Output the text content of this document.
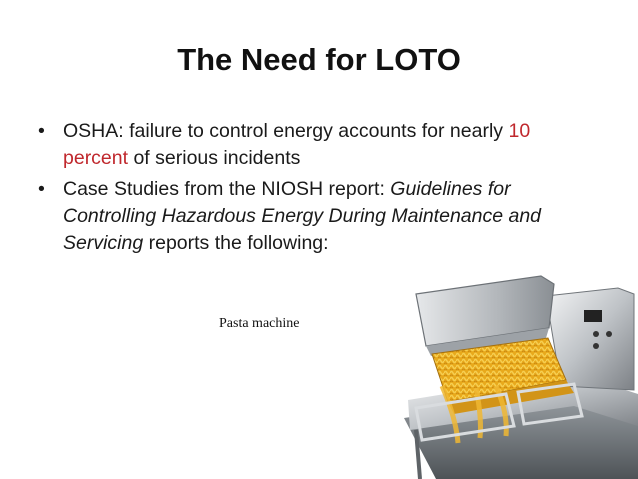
The Need for LOTO
• OSHA: failure to control energy accounts for nearly 10 percent of serious incidents
• Case Studies from the NIOSH report: Guidelines for Controlling Hazardous Energy During Maintenance and Servicing reports the following:
Pasta machine
